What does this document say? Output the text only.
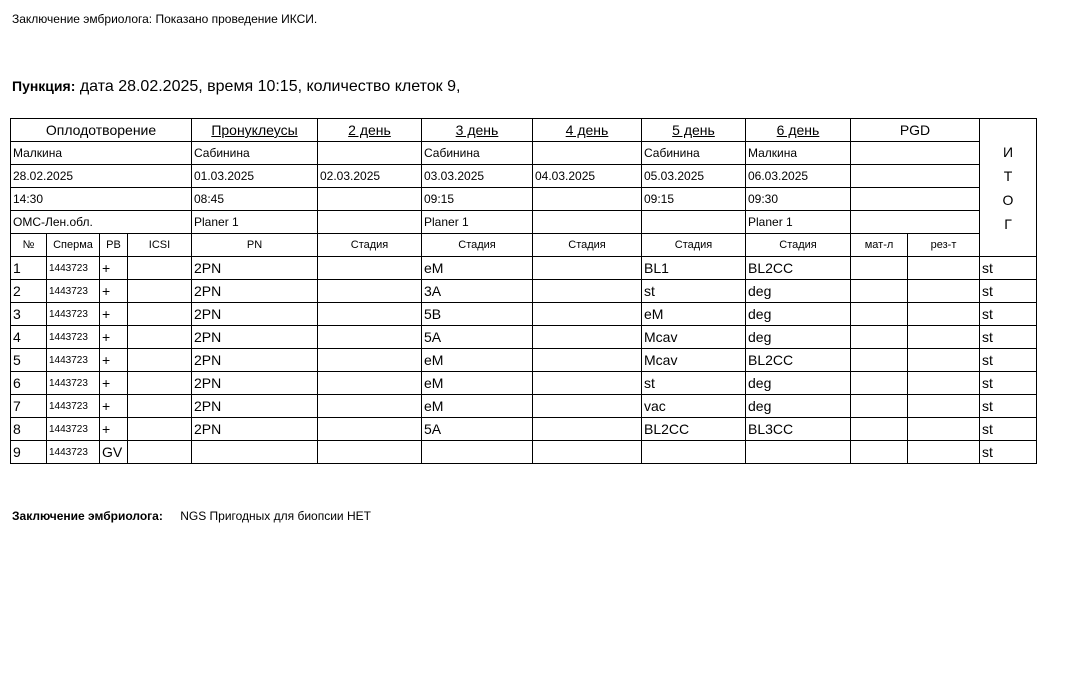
Заключение эмбриолога: Показано проведение ИКСИ.
Пункция: дата 28.02.2025, время 10:15, количество клеток 9,
Оплодотворение				Пронуклеусы	2 день	3 день	4 день	5 день	6 день	PGD		И
Т
О
Г

Малкина				Сабинина		Сабинина		Сабинина	Малкина			
28.02.2025				01.03.2025	02.03.2025	03.03.2025	04.03.2025	05.03.2025	06.03.2025			
14:30				08:45		09:15		09:15	09:30			
ОМС-Лен.обл.				Planer 1		Planer 1			Planer 1			
№	Сперма	РВ	ICSI	PN	Стадия	Стадия	Стадия	Стадия	Стадия	мат-л	рез-т	
1	1443723	+		2PN		eM		BL1	BL2CC			st
2	1443723	+		2PN		3A		st	deg			st
3	1443723	+		2PN		5B		eM	deg			st
4	1443723	+		2PN		5A		Mcav	deg			st
5	1443723	+		2PN		eM		Mcav	BL2CC			st
6	1443723	+		2PN		eM		st	deg			st
7	1443723	+		2PN		eM		vac	deg			st
8	1443723	+		2PN		5A		BL2CC	BL3CC			st
9	1443723	GV										st
Заключение эмбриолога: NGS Пригодных для биопсии НЕТ
